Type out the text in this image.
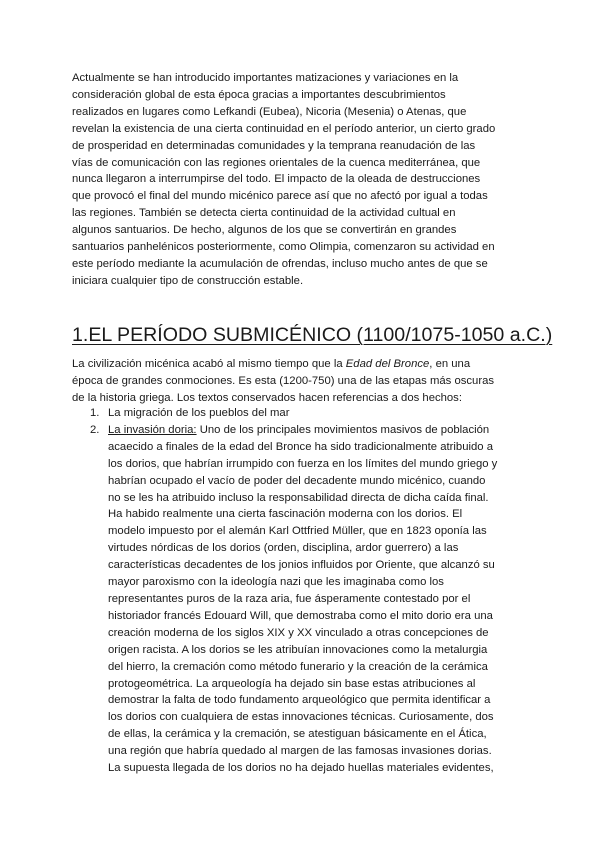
Actualmente se han introducido importantes matizaciones y variaciones en la
consideración global de esta época gracias a importantes descubrimientos
realizados en lugares como Lefkandi (Eubea), Nicoria (Mesenia) o Atenas, que
revelan la existencia de una cierta continuidad en el período anterior, un cierto grado
de prosperidad en determinadas comunidades y la temprana reanudación de las
vías de comunicación con las regiones orientales de la cuenca mediterránea, que
nunca llegaron a interrumpirse del todo. El impacto de la oleada de destrucciones
que provocó el final del mundo micénico parece así que no afectó por igual a todas
las regiones. También se detecta cierta continuidad de la actividad cultual en
algunos santuarios. De hecho, algunos de los que se convertirán en grandes
santuarios panhelénicos posteriormente, como Olimpia, comenzaron su actividad en
este período mediante la acumulación de ofrendas, incluso mucho antes de que se
iniciara cualquier tipo de construcción estable.

1.EL PERÍODO SUBMICÉNICO (1100/1075-1050 a.C.)

La civilización micénica acabó al mismo tiempo que la Edad del Bronce, en una
época de grandes conmociones. Es esta (1200-750) una de las etapas más oscuras
de la historia griega. Los textos conservados hacen referencias a dos hechos:

1. La migración de los pueblos del mar
2. La invasión doria: Uno de los principales movimientos masivos de población
acaecido a finales de la edad del Bronce ha sido tradicionalmente atribuido a
los dorios, que habrían irrumpido con fuerza en los límites del mundo griego y
habrían ocupado el vacío de poder del decadente mundo micénico, cuando
no se les ha atribuido incluso la responsabilidad directa de dicha caída final.
Ha habido realmente una cierta fascinación moderna con los dorios. El
modelo impuesto por el alemán Karl Ottfried Müller, que en 1823 oponía las
virtudes nórdicas de los dorios (orden, disciplina, ardor guerrero) a las
características decadentes de los jonios influidos por Oriente, que alcanzó su
mayor paroxismo con la ideología nazi que les imaginaba como los
representantes puros de la raza aria, fue ásperamente contestado por el
historiador francés Edouard Will, que demostraba como el mito dorio era una
creación moderna de los siglos XIX y XX vinculado a otras concepciones de
origen racista. A los dorios se les atribuían innovaciones como la metalurgia
del hierro, la cremación como método funerario y la creación de la cerámica
protogeométrica. La arqueología ha dejado sin base estas atribuciones al
demostrar la falta de todo fundamento arqueológico que permita identificar a
los dorios con cualquiera de estas innovaciones técnicas. Curiosamente, dos
de ellas, la cerámica y la cremación, se atestiguan básicamente en el Ática,
una región que habría quedado al margen de las famosas invasiones dorias.
La supuesta llegada de los dorios no ha dejado huellas materiales evidentes,
